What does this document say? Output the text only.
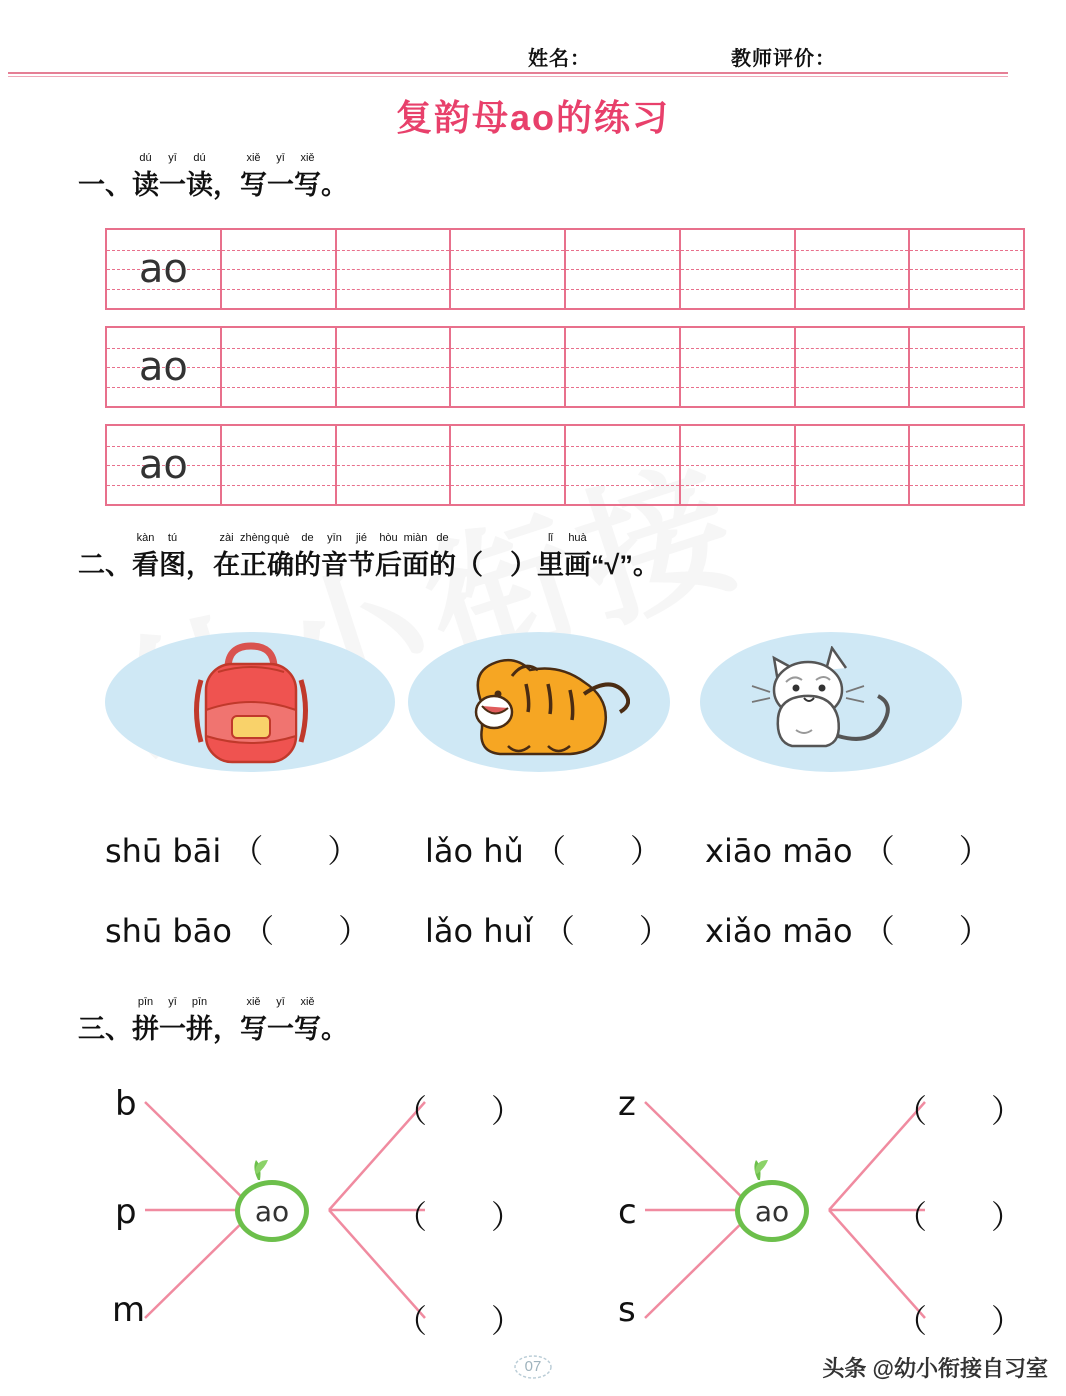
姓名：	教师评价：
复韵母ao的练习
一、
dú
读
yī
一
dú
读 ，
xiě
写
yī
一
xiě
写 。
ao
ao
ao
二、
kàn
看
tú
图 ，
zài
在
zhèng
正
què
确
de
的
yīn
音
jié
节
hòu
后
miàn
面
de
的 （　）
lǐ
里
huà
画 “√”。
shū bāi （　　） lǎo hǔ （　　） xiāo māo （　　）
shū bāo （　　） lǎo huǐ （　　） xiǎo māo （　　）
三、
pīn
拼
yī
一
pīn
拼 ，
xiě
写
yī
一
xiě
写 。
b
p
m
ao
（　　）
（　　）
（　　）
z
c
s
ao
（　　）
（　　）
（　　）
07	头条 @幼小衔接自习室
